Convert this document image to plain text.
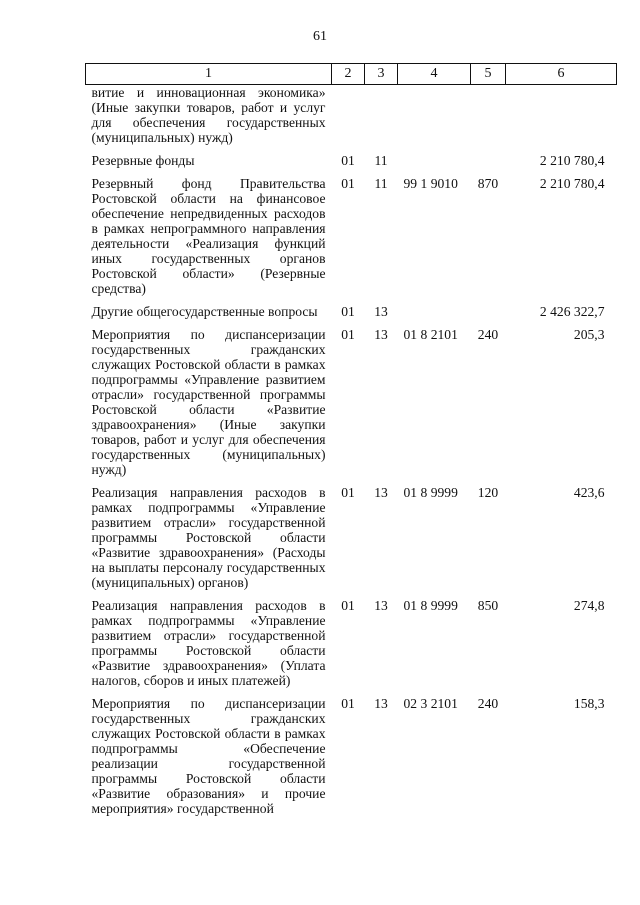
61
1	2	3	4	5	6
витие и инновационная экономика» (Иные закупки товаров, работ и услуг для обеспечения государственных (муниципальных) нужд)					
Резервные фонды	01	11			2 210 780,4
Резервный фонд Правительства Ростовской области на финансовое обеспечение непредвиденных расходов в рамках непрограммного направления деятельности «Реализация функций иных государственных органов Ростовской области» (Резервные средства)	01	11	99 1 9010	870	2 210 780,4
Другие общегосударственные вопросы	01	13			2 426 322,7
Мероприятия по диспансеризации государственных гражданских служащих Ростовской области в рамках подпрограммы «Управление развитием отрасли» государственной программы Ростовской области «Развитие здравоохранения» (Иные закупки товаров, работ и услуг для обеспечения государственных (муниципальных) нужд)	01	13	01 8 2101	240	205,3
Реализация направления расходов в рамках подпрограммы «Управление развитием отрасли» государственной программы Ростовской области «Развитие здравоохранения» (Расходы на выплаты персоналу государственных (муниципальных) органов)	01	13	01 8 9999	120	423,6
Реализация направления расходов в рамках подпрограммы «Управление развитием отрасли» государственной программы Ростовской области «Развитие здравоохранения» (Уплата налогов, сборов и иных платежей)	01	13	01 8 9999	850	274,8
Мероприятия по диспансеризации государственных гражданских служащих Ростовской области в рамках подпрограммы «Обеспечение реализации государственной программы Ростовской области «Развитие образования» и прочие мероприятия» государственной	01	13	02 3 2101	240	158,3
